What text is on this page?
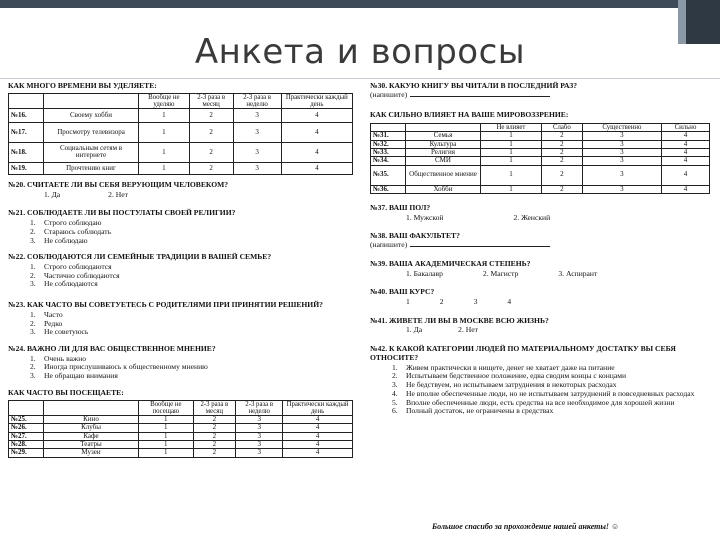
Анкета и вопросы
КАК МНОГО ВРЕМЕНИ ВЫ УДЕЛЯЕТЕ:
		Вообще не уделяю	2-3 раза в месяц	2-3 раза в неделю	Практически каждый день
№16.	Своему хобби	1	2	3	4
№17.	Просмотру телевизора	1	2	3	4
№18.	Социальным сетям в интернете	1	2	3	4
№19.	Прочтению книг	1	2	3	4
№20. СЧИТАЕТЕ ЛИ ВЫ СЕБЯ ВЕРУЮЩИМ ЧЕЛОВЕКОМ?
1. Да	2. Нет
№21. СОБЛЮДАЕТЕ ЛИ ВЫ ПОСТУЛАТЫ СВОЕЙ РЕЛИГИИ?
1.	Строго соблюдаю
2.	Стараюсь соблюдать
3.	Не соблюдаю
№22. СОБЛЮДАЮТСЯ ЛИ СЕМЕЙНЫЕ ТРАДИЦИИ В ВАШЕЙ СЕМЬЕ?
1.	Строго соблюдаются
2.	Частично соблюдаются
3.	Не соблюдаются
№23. КАК ЧАСТО ВЫ СОВЕТУЕТЕСЬ С РОДИТЕЛЯМИ ПРИ ПРИНЯТИИ РЕШЕНИЙ?
1.	Часто
2.	Редко
3.	Не советуюсь
№24. ВАЖНО ЛИ ДЛЯ ВАС ОБЩЕСТВЕННОЕ МНЕНИЕ?
1.	Очень важно
2.	Иногда прислушиваюсь к общественному мнению
3.	Не обращаю внимания
КАК ЧАСТО ВЫ ПОСЕЩАЕТЕ:
		Вообще не посещаю	2-3 раза в месяц	2-3 раза в неделю	Практически каждый день
№25.	Кино	1	2	3	4
№26.	Клубы	1	2	3	4
№27.	Кафе	1	2	3	4
№28.	Театры	1	2	3	4
№29.	Музеи	1	2	3	4
№30. КАКУЮ КНИГУ ВЫ ЧИТАЛИ В ПОСЛЕДНИЙ РАЗ?
(напишите)
КАК СИЛЬНО ВЛИЯЕТ НА ВАШЕ МИРОВОЗЗРЕНИЕ:
		Не влияет	Слабо	Существенно	Сильно
№31.	Семья	1	2	3	4
№32.	Культура	1	2	3	4
№33.	Религия	1	2	3	4
№34.	СМИ	1	2	3	4
№35.	Общественное мнение	1	2	3	4
№36.	Хобби	1	2	3	4
№37. ВАШ ПОЛ?
1. Мужской	2. Женский
№38. ВАШ ФАКУЛЬТЕТ?
(напишите)
№39. ВАША АКАДЕМИЧЕСКАЯ СТЕПЕНЬ?
1. Бакалавр	2. Магистр	3. Аспирант
№40. ВАШ КУРС?
1	2	3	4
№41. ЖИВЕТЕ ЛИ ВЫ В МОСКВЕ ВСЮ ЖИЗНЬ?
1. Да	2. Нет
№42. К КАКОЙ КАТЕГОРИИ ЛЮДЕЙ ПО МАТЕРИАЛЬНОМУ ДОСТАТКУ ВЫ СЕБЯ ОТНОСИТЕ?
1.	Живем практически в нищете, денег не хватает даже на питание
2.	Испытываем бедственное положение, едва сводим концы с концами
3.	Не бедствуем, но испытываем затруднения в некоторых расходах
4.	Не вполне обеспеченные люди, но не испытываем затруднений в повседневных расходах
5.	Вполне обеспеченные люди, есть средства на все необходимое для хорошей жизни
6.	Полный достаток, не ограничены в средствах
Большое спасибо за прохождение нашей анкеты! ☺
